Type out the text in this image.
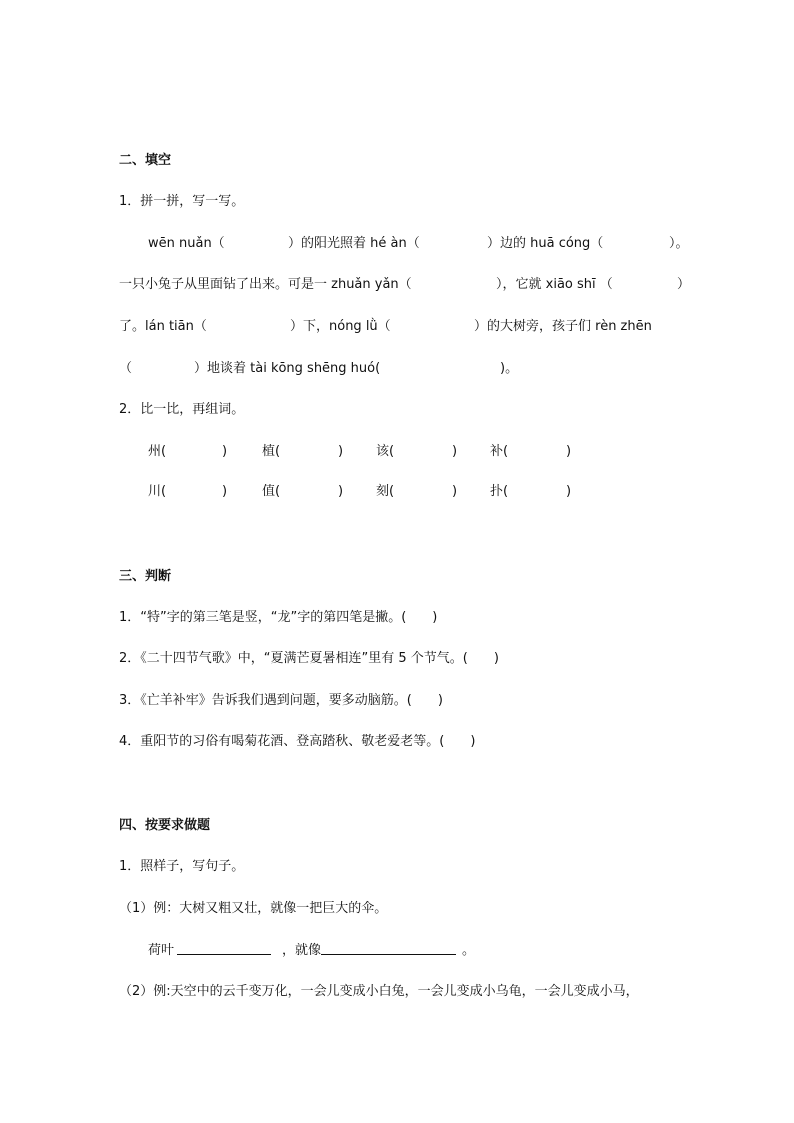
二、填空
1．拼一拼，写一写。
wēn nuǎn（	）的阳光照着 hé àn（	）边的 huā cóng（	）。
一只小兔子从里面钻了出来。可是一 zhuǎn yǎn（	），它就 xiāo shī （	）
了。lán tiān（	）下，nóng lǜ（	）的大树旁，孩子们 rèn zhēn
（	）地谈着 tài kōng shēng huó(	)。
2．比一比，再组词。
州(	)	植(	)	该(	)	补(	)
川(	)	值(	)	刻(	)	扑(	)
三、判断
1．“特”字的第三笔是竖，“龙”字的第四笔是撇。(　　)
2．《二十四节气歌》中，“夏满芒夏暑相连”里有 5 个节气。(　　)
3．《亡羊补牢》告诉我们遇到问题，要多动脑筋。(　　)
4．重阳节的习俗有喝菊花酒、登高踏秋、敬老爱老等。(　　)
四、按要求做题
1．照样子，写句子。
（1）例：大树又粗又壮，就像一把巨大的伞。
荷叶	，就像	。
（2）例:天空中的云千变万化，一会儿变成小白兔，一会儿变成小乌龟，一会儿变成小马，
